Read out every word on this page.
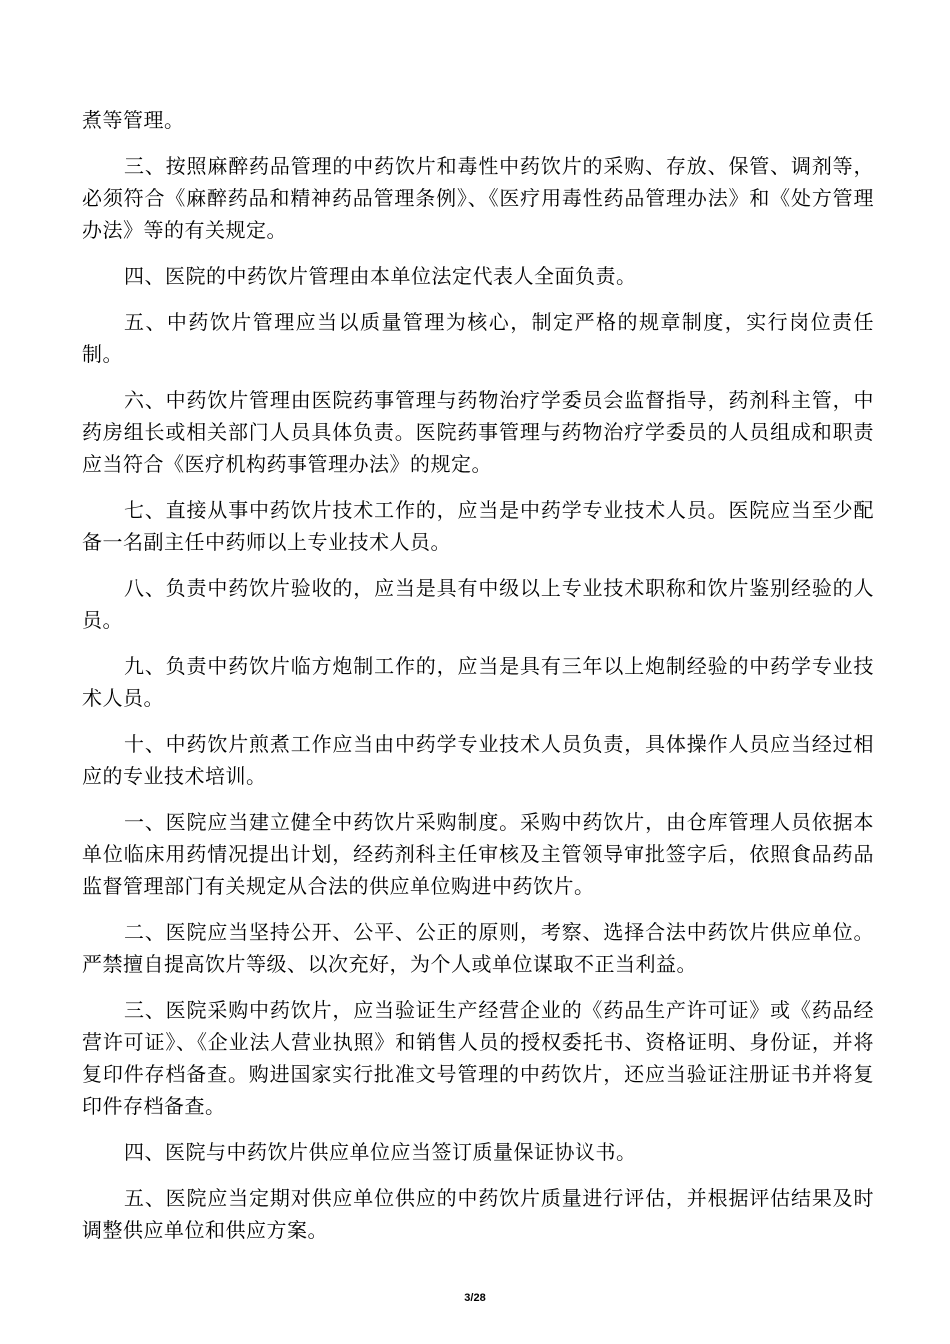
煮等管理。

三、按照麻醉药品管理的中药饮片和毒性中药饮片的采购、存放、保管、调剂等，必须符合《麻醉药品和精神药品管理条例》、《医疗用毒性药品管理办法》和《处方管理办法》等的有关规定。

四、医院的中药饮片管理由本单位法定代表人全面负责。

五、中药饮片管理应当以质量管理为核心，制定严格的规章制度，实行岗位责任制。

六、中药饮片管理由医院药事管理与药物治疗学委员会监督指导，药剂科主管，中药房组长或相关部门人员具体负责。医院药事管理与药物治疗学委员的人员组成和职责应当符合《医疗机构药事管理办法》的规定。

七、直接从事中药饮片技术工作的，应当是中药学专业技术人员。医院应当至少配备一名副主任中药师以上专业技术人员。

八、负责中药饮片验收的，应当是具有中级以上专业技术职称和饮片鉴别经验的人员。

九、负责中药饮片临方炮制工作的，应当是具有三年以上炮制经验的中药学专业技术人员。

十、中药饮片煎煮工作应当由中药学专业技术人员负责，具体操作人员应当经过相应的专业技术培训。

一、医院应当建立健全中药饮片采购制度。采购中药饮片，由仓库管理人员依据本单位临床用药情况提出计划，经药剂科主任审核及主管领导审批签字后，依照食品药品监督管理部门有关规定从合法的供应单位购进中药饮片。

二、医院应当坚持公开、公平、公正的原则，考察、选择合法中药饮片供应单位。严禁擅自提高饮片等级、以次充好，为个人或单位谋取不正当利益。

三、医院采购中药饮片，应当验证生产经营企业的《药品生产许可证》或《药品经营许可证》、《企业法人营业执照》和销售人员的授权委托书、资格证明、身份证，并将复印件存档备查。购进国家实行批准文号管理的中药饮片，还应当验证注册证书并将复印件存档备查。

四、医院与中药饮片供应单位应当签订质量保证协议书。

五、医院应当定期对供应单位供应的中药饮片质量进行评估，并根据评估结果及时调整供应单位和供应方案。

3/28
